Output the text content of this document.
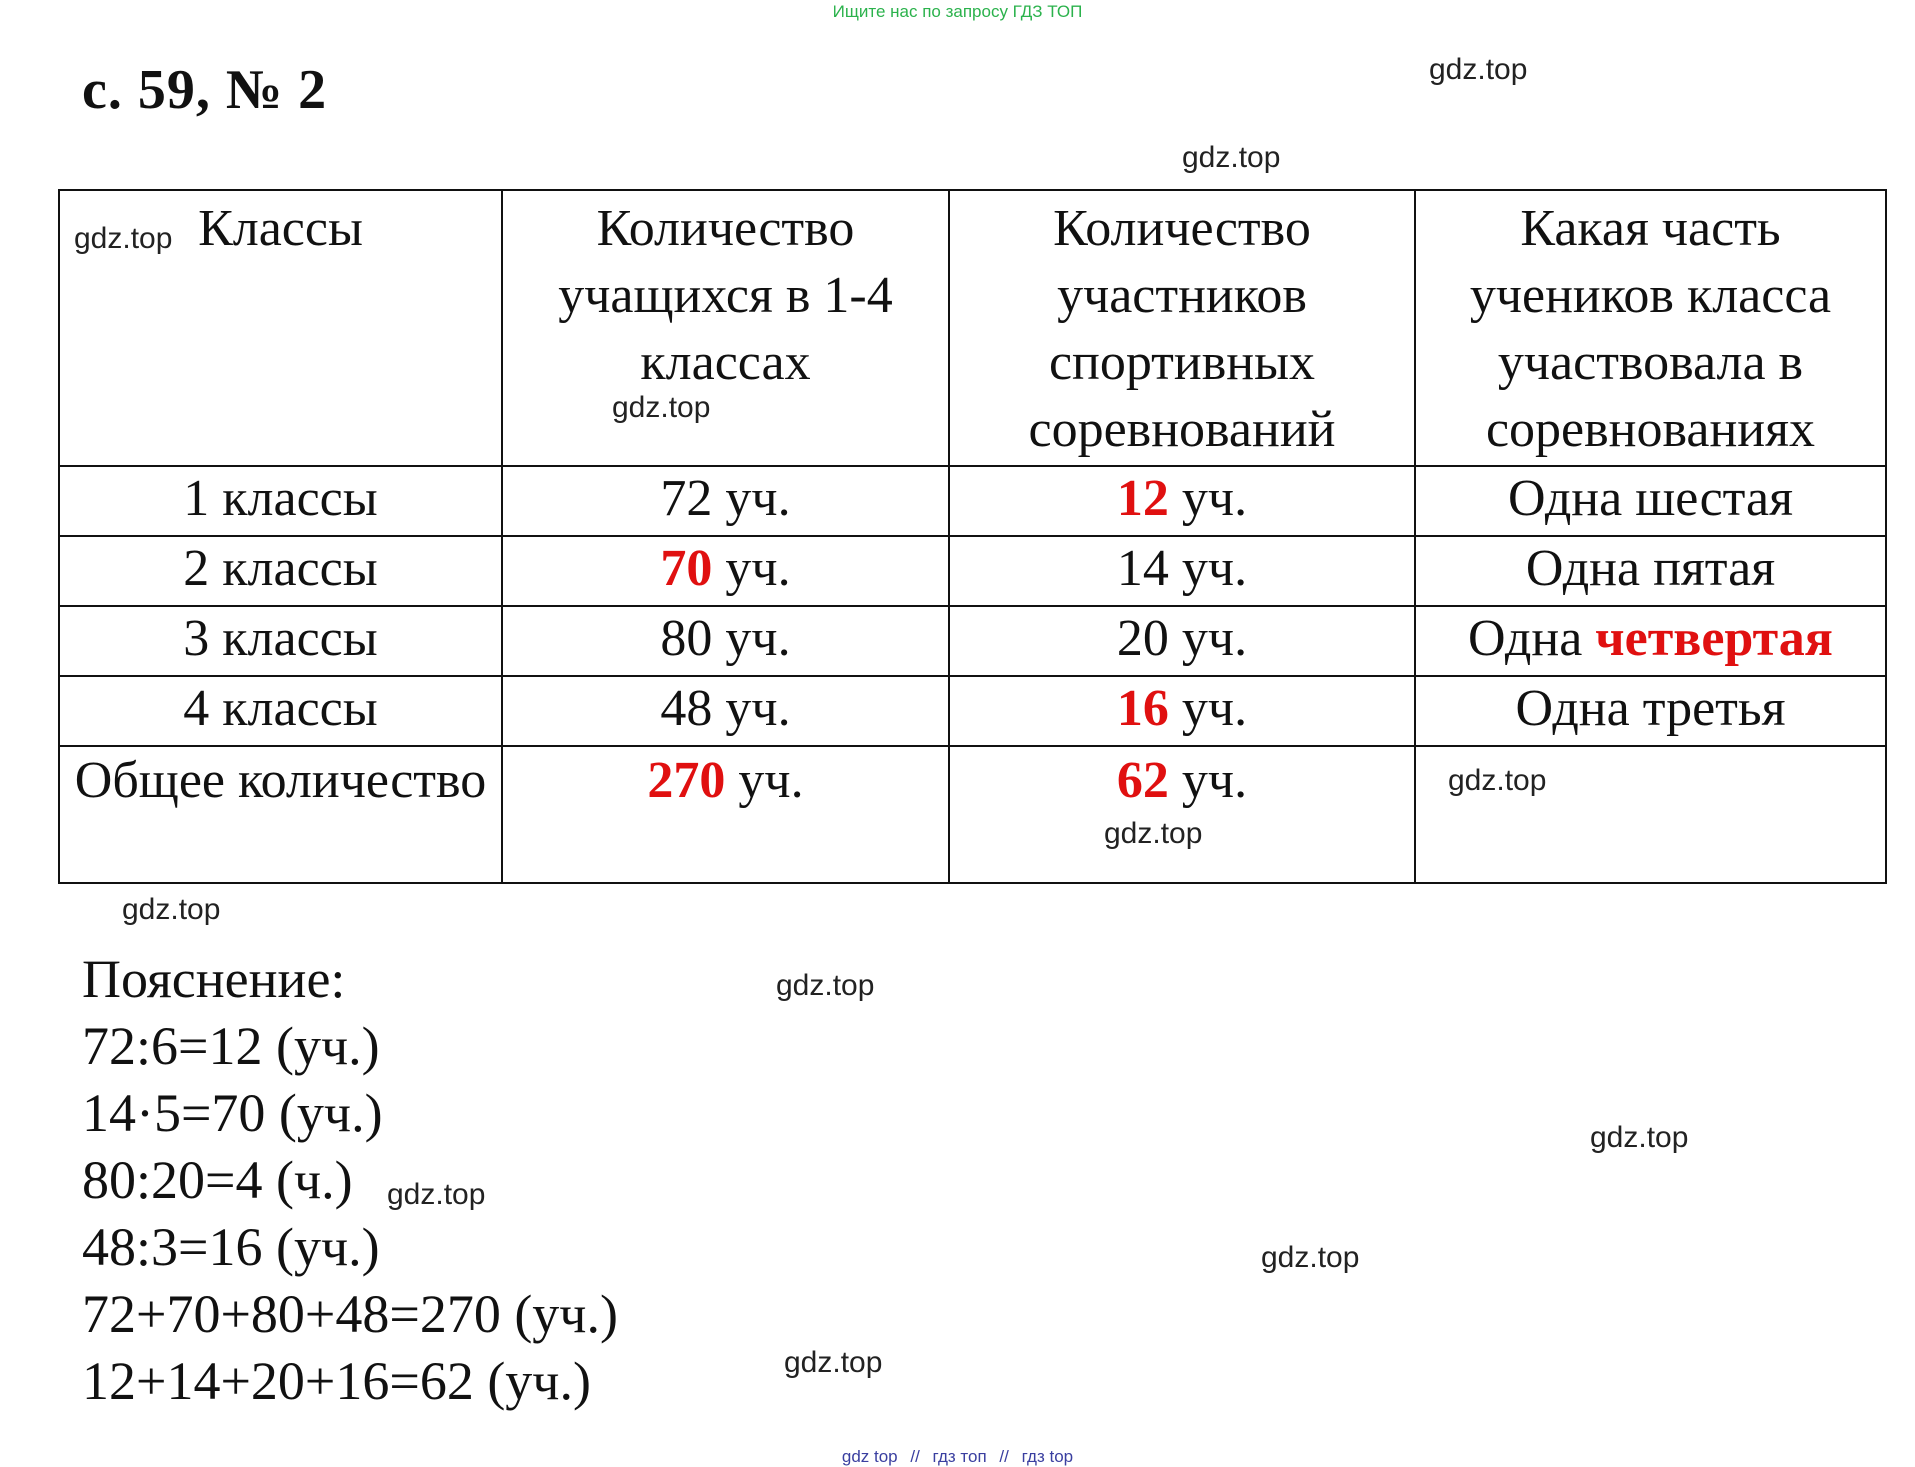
Ищите нас по запросу ГДЗ ТОП
с. 59, № 2	gdz.top
gdz.top
gdz.top
gdz.top
gdz.top
gdz.top
gdz.top
gdz.top
gdz.top
gdz.top
gdz.top
gdz.top
Классы	Количество учащихся в 1-4 классах	Количество участников спортивных соревнований	Какая часть учеников класса участвовала в соревнованиях
1 классы	72 уч.	12 уч.	Одна шестая
2 классы	70 уч.	14 уч.	Одна пятая
3 классы	80 уч.	20 уч.	Одна четвертая
4 классы	48 уч.	16 уч.	Одна третья
Общее количество	270 уч.	62 уч.	
Пояснение:
72:6=12 (уч.)
14·5=70 (уч.)
80:20=4 (ч.)
48:3=16 (уч.)
72+70+80+48=270 (уч.)
12+14+20+16=62 (уч.)
gdz top // гдз топ // гдз top
